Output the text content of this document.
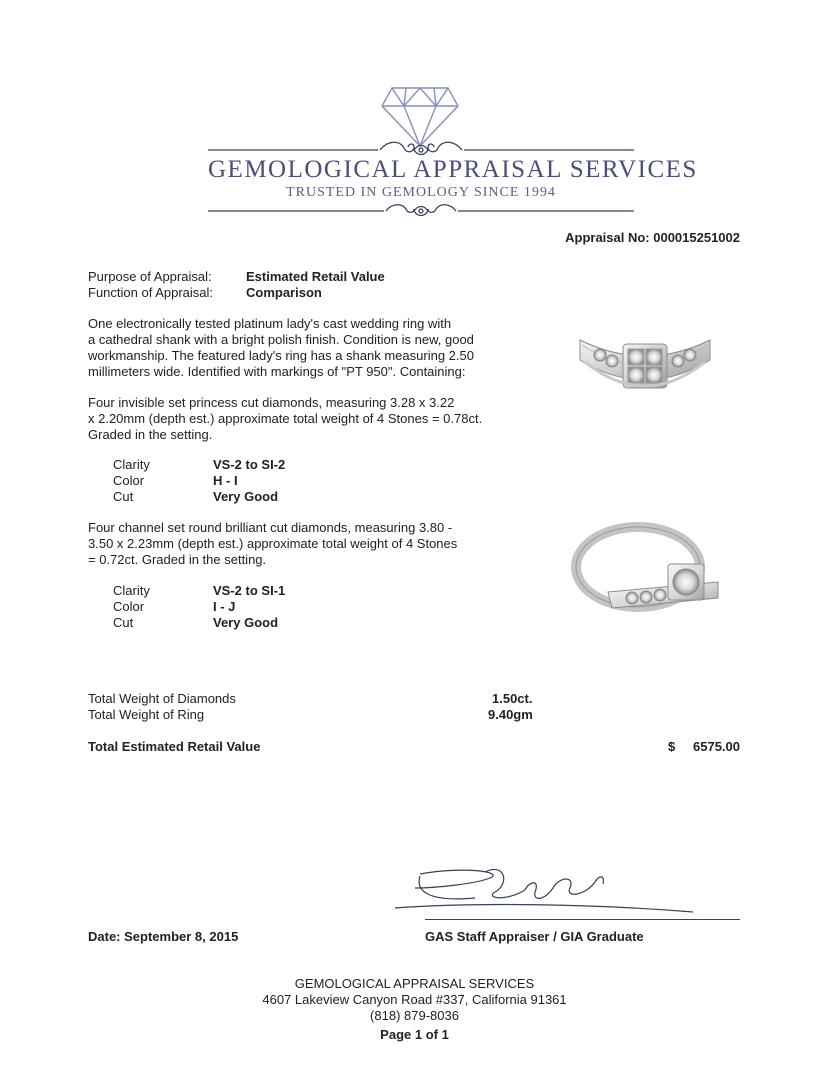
GEMOLOGICAL APPRAISAL SERVICES
TRUSTED IN GEMOLOGY SINCE 1994
Appraisal No: 000015251002
Purpose of Appraisal:	Estimated Retail Value
Function of Appraisal:	Comparison
One electronically tested platinum lady's cast wedding ring with
a cathedral shank with a bright polish finish. Condition is new, good
workmanship. The featured lady's ring has a shank measuring 2.50
millimeters wide. Identified with markings of "PT 950". Containing:
Four invisible set princess cut diamonds, measuring 3.28 x 3.22
x 2.20mm (depth est.) approximate total weight of 4 Stones = 0.78ct.
Graded in the setting.
Clarity	VS-2 to SI-2
Color	H - I
Cut	Very Good
Four channel set round brilliant cut diamonds, measuring 3.80 -
3.50 x 2.23mm (depth est.) approximate total weight of 4 Stones
= 0.72ct. Graded in the setting.
Clarity	VS-2 to SI-1
Color	I - J
Cut	Very Good
Total Weight of Diamonds	1.50ct.
Total Weight of Ring	9.40gm
Total Estimated Retail Value	$ 6575.00
Date: September 8, 2015	GAS Staff Appraiser / GIA Graduate
GEMOLOGICAL APPRAISAL SERVICES
4607 Lakeview Canyon Road #337, California 91361
(818) 879-8036
Page 1 of 1
